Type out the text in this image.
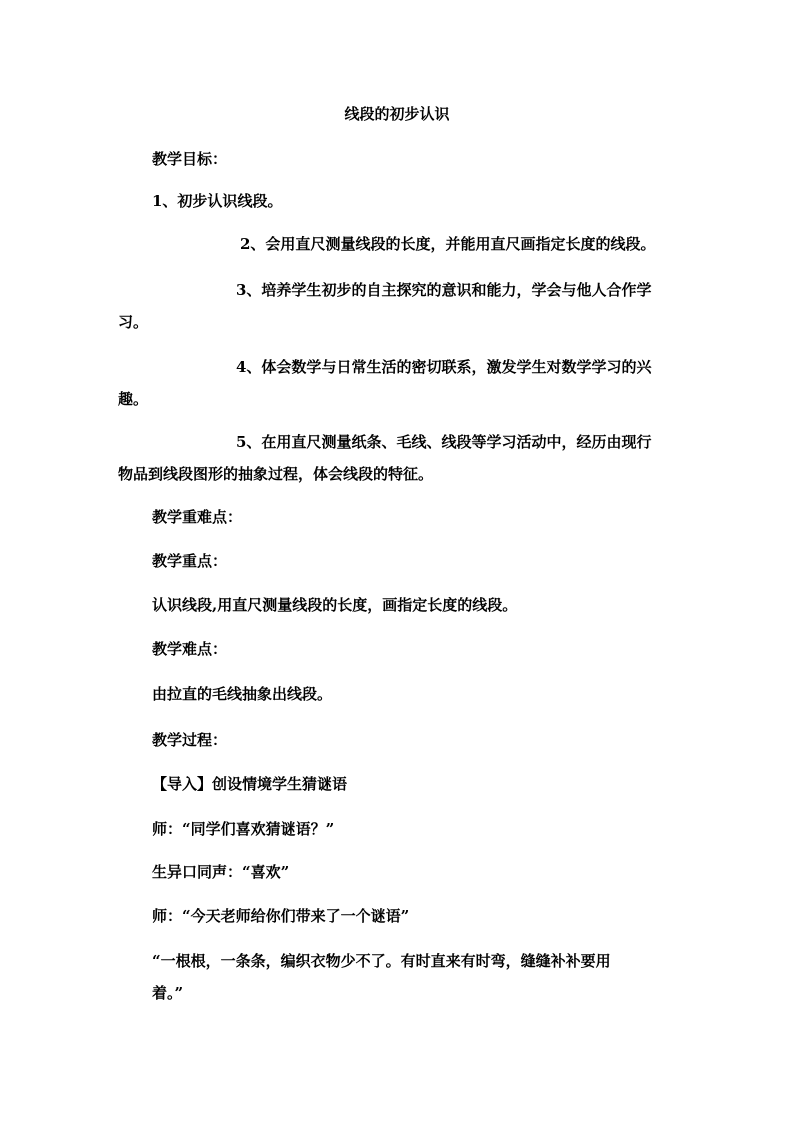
线段的初步认识
教学目标：
1、初步认识线段。
2、会用直尺测量线段的长度，并能用直尺画指定长度的线段。
3、培养学生初步的自主探究的意识和能力，学会与他人合作学
习。
4、体会数学与日常生活的密切联系，激发学生对数学学习的兴
趣。
5、在用直尺测量纸条、毛线、线段等学习活动中，经历由现行
物品到线段图形的抽象过程，体会线段的特征。
教学重难点：
教学重点：
认识线段,用直尺测量线段的长度，画指定长度的线段。
教学难点：
由拉直的毛线抽象出线段。
教学过程：
【导入】创设情境学生猜谜语
师：“同学们喜欢猜谜语？”
生异口同声：“喜欢”
师：“今天老师给你们带来了一个谜语”
“一根根，一条条，编织衣物少不了。有时直来有时弯，缝缝补补要用
着。”
